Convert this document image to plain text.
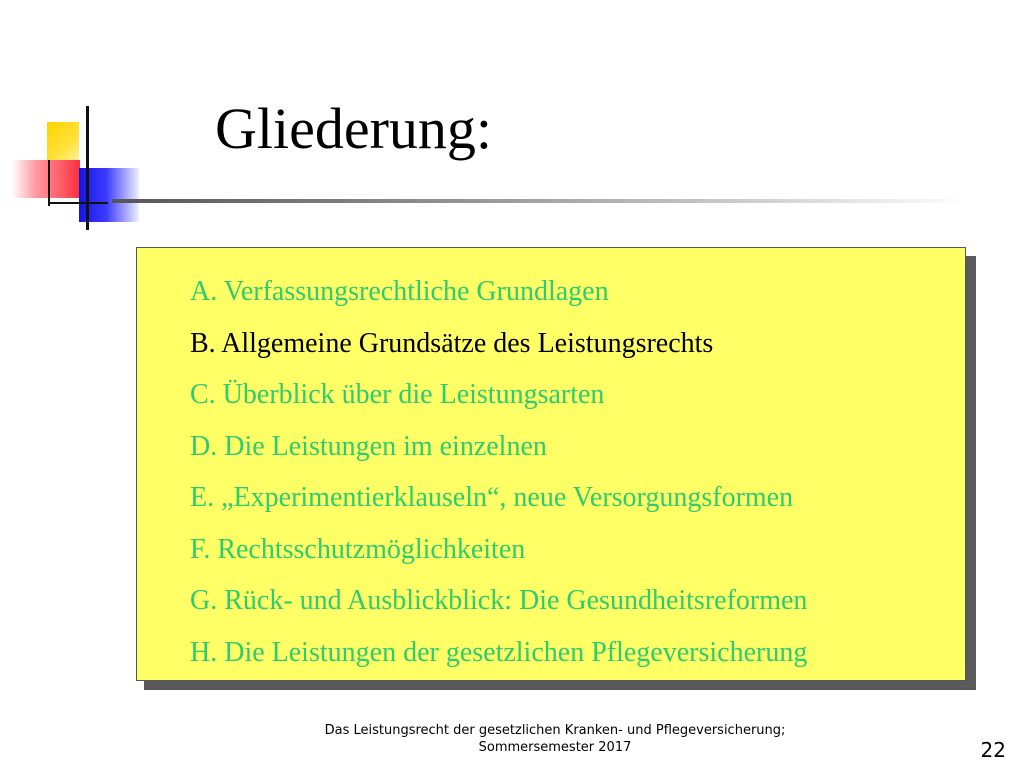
Gliederung:
A. Verfassungsrechtliche Grundlagen
B. Allgemeine Grundsätze des Leistungsrechts
C. Überblick über die Leistungsarten
D. Die Leistungen im einzelnen
E. „Experimentierklauseln“, neue Versorgungsformen
F. Rechtsschutzmöglichkeiten
G. Rück- und Ausblickblick: Die Gesundheitsreformen
H. Die Leistungen der gesetzlichen Pflegeversicherung
Das Leistungsrecht der gesetzlichen Kranken- und Pflegeversicherung;
Sommersemester 2017	22
